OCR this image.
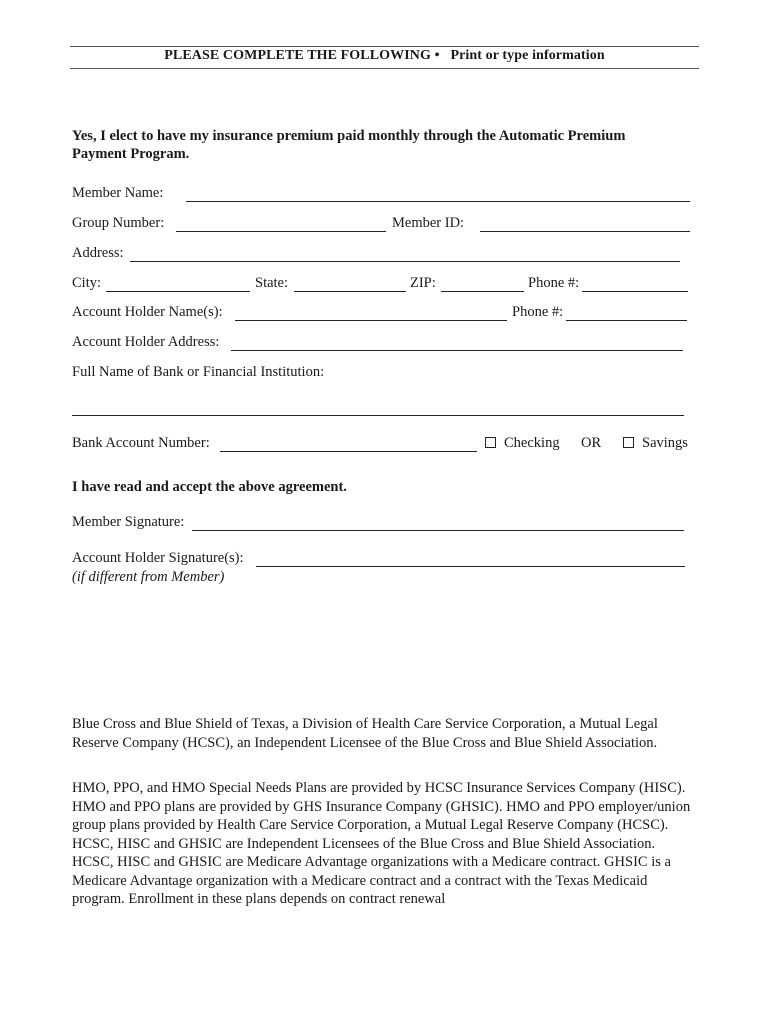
PLEASE COMPLETE THE FOLLOWING • Print or type information
Yes, I elect to have my insurance premium paid monthly through the Automatic Premium Payment Program.
Member Name:
Group Number:	Member ID:
Address:
City:	State:	ZIP:	Phone #:
Account Holder Name(s):	Phone #:
Account Holder Address:
Full Name of Bank or Financial Institution:
Bank Account Number:	Checking OR	Savings
I have read and accept the above agreement.
Member Signature:
Account Holder Signature(s):
(if different from Member)
Blue Cross and Blue Shield of Texas, a Division of Health Care Service Corporation, a Mutual Legal Reserve Company (HCSC), an Independent Licensee of the Blue Cross and Blue Shield Association.
HMO, PPO, and HMO Special Needs Plans are provided by HCSC Insurance Services Company (HISC). HMO and PPO plans are provided by GHS Insurance Company (GHSIC). HMO and PPO employer/union group plans provided by Health Care Service Corporation, a Mutual Legal Reserve Company (HCSC). HCSC, HISC and GHSIC are Independent Licensees of the Blue Cross and Blue Shield Association. HCSC, HISC and GHSIC are Medicare Advantage organizations with a Medicare contract. GHSIC is a Medicare Advantage organization with a Medicare contract and a contract with the Texas Medicaid program. Enrollment in these plans depends on contract renewal
